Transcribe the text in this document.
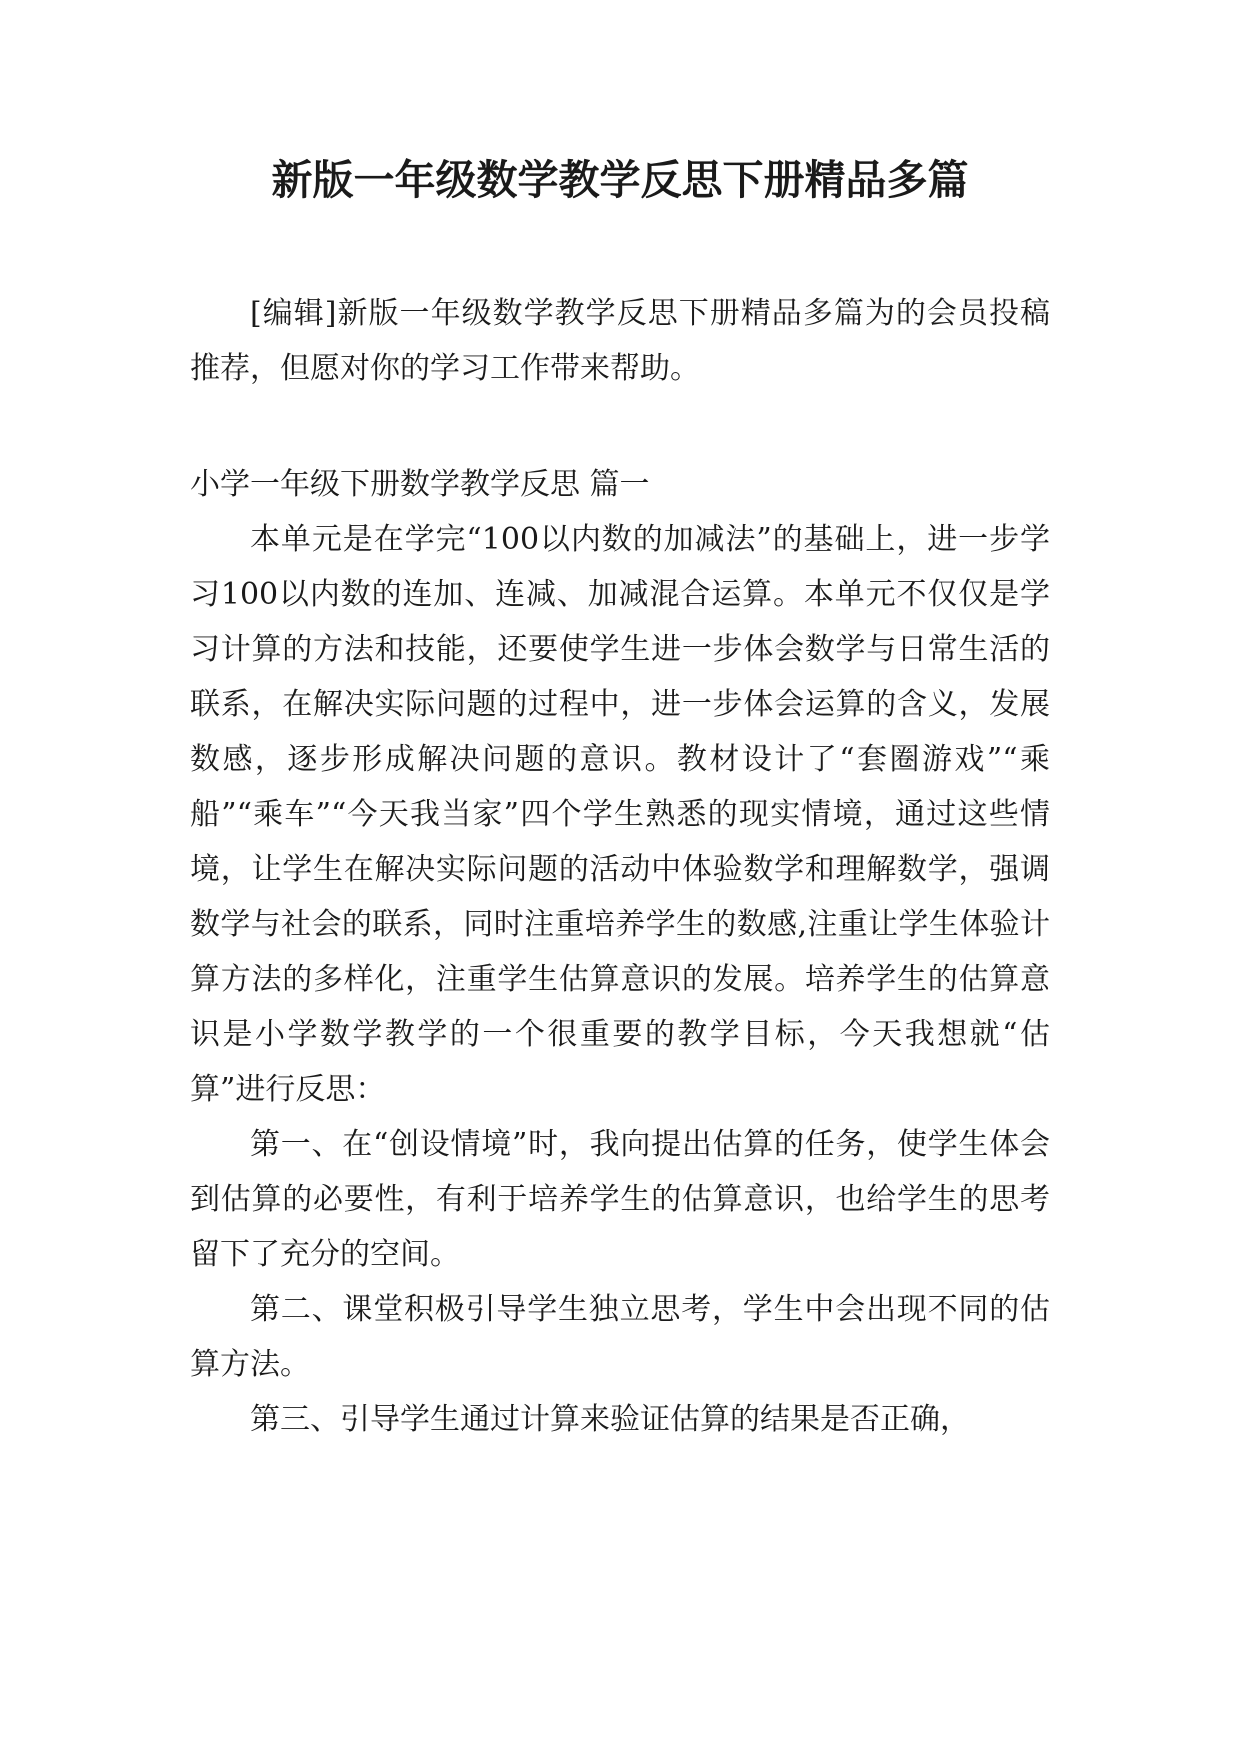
新版一年级数学教学反思下册精品多篇

[编辑]新版一年级数学教学反思下册精品多篇为的会员投稿推荐，但愿对你的学习工作带来帮助。

小学一年级下册数学教学反思 篇一

本单元是在学完“100以内数的加减法”的基础上，进一步学习100以内数的连加、连减、加减混合运算。本单元不仅仅是学习计算的方法和技能，还要使学生进一步体会数学与日常生活的联系，在解决实际问题的过程中，进一步体会运算的含义，发展数感，逐步形成解决问题的意识。教材设计了“套圈游戏”“乘船”“乘车”“今天我当家”四个学生熟悉的现实情境，通过这些情境，让学生在解决实际问题的活动中体验数学和理解数学，强调数学与社会的联系，同时注重培养学生的数感,注重让学生体验计算方法的多样化，注重学生估算意识的发展。培养学生的估算意识是小学数学教学的一个很重要的教学目标，今天我想就“估算”进行反思：

第一、在“创设情境”时，我向提出估算的任务，使学生体会到估算的必要性，有利于培养学生的估算意识，也给学生的思考留下了充分的空间。

第二、课堂积极引导学生独立思考，学生中会出现不同的估算方法。

第三、引导学生通过计算来验证估算的结果是否正确，
